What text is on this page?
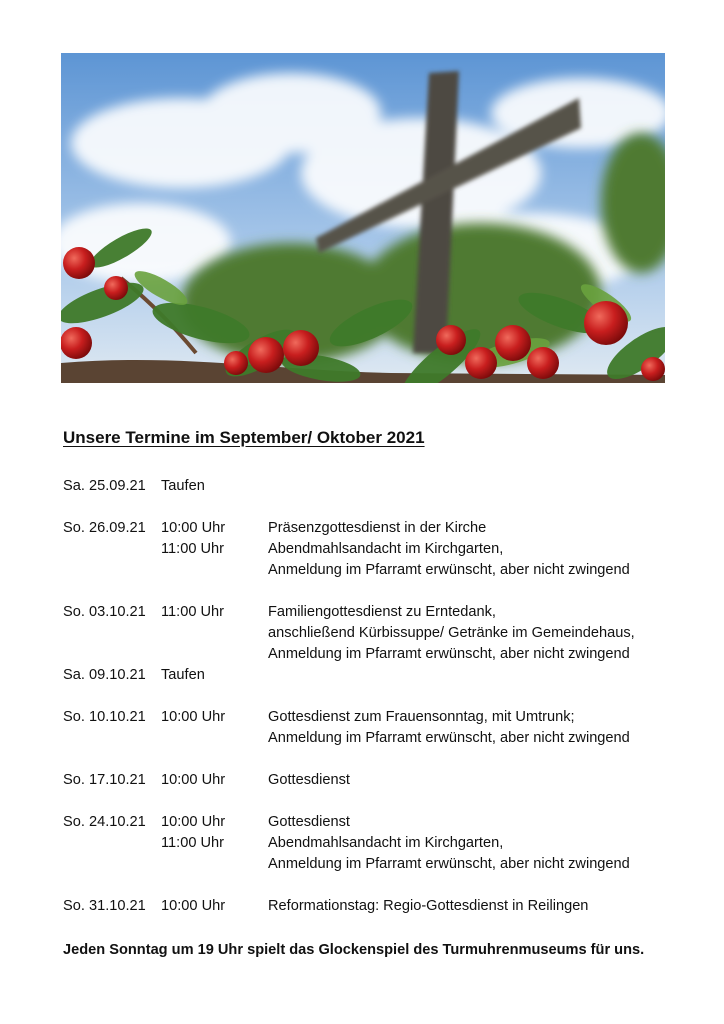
Unsere Termine im September/ Oktober 2021
Sa. 25.09.21 Taufen
So. 26.09.21 10:00 Uhr	Präsenzgottesdienst in der Kirche
11:00 Uhr	Abendmahlsandacht im Kirchgarten,
Anmeldung im Pfarramt erwünscht, aber nicht zwingend
So. 03.10.21 11:00 Uhr	Familiengottesdienst zu Erntedank,
anschließend Kürbissuppe/ Getränke im Gemeindehaus,
Anmeldung im Pfarramt erwünscht, aber nicht zwingend
Sa. 09.10.21 Taufen
So. 10.10.21 10:00 Uhr	Gottesdienst zum Frauensonntag, mit Umtrunk;
Anmeldung im Pfarramt erwünscht, aber nicht zwingend
So. 17.10.21 10:00 Uhr	Gottesdienst
So. 24.10.21 10:00 Uhr	Gottesdienst
11:00 Uhr	Abendmahlsandacht im Kirchgarten,
Anmeldung im Pfarramt erwünscht, aber nicht zwingend
So. 31.10.21 10:00 Uhr	Reformationstag: Regio-Gottesdienst in Reilingen
Jeden Sonntag um 19 Uhr spielt das Glockenspiel des Turmuhrenmuseums für uns.
